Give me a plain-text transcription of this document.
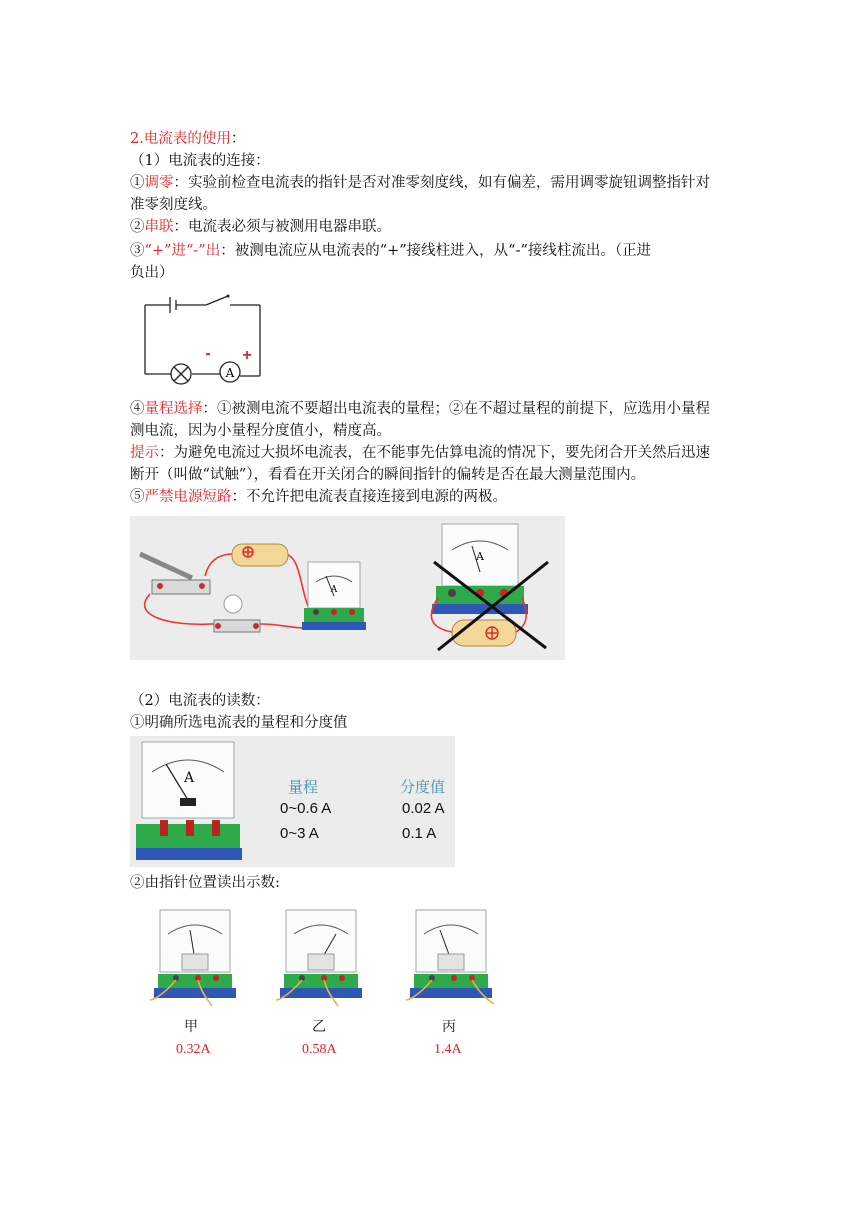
2.电流表的使用：
（1）电流表的连接：
①调零：实验前检查电流表的指针是否对准零刻度线，如有偏差，需用调零旋钮调整指针对
准零刻度线。
②串联：电流表必须与被测用电器串联。
③“+”进“-”出：被测电流应从电流表的“+”接线柱进入，从“-”接线柱流出。（正进
负出）
A
- +
④量程选择：①被测电流不要超出电流表的量程；②在不超过量程的前提下，应选用小量程
测电流，因为小量程分度值小，精度高。
提示：为避免电流过大损坏电流表，在不能事先估算电流的情况下，要先闭合开关然后迅速
断开（叫做“试触”），看看在开关闭合的瞬间指针的偏转是否在最大测量范围内。
⑤严禁电源短路：不允许把电流表直接连接到电源的两极。
A
A
（2）电流表的读数：
①明确所选电流表的量程和分度值
A
量程	分度值
0~0.6 A	0.02 A
0~3 A	0.1 A
②由指针位置读出示数:
甲	乙	丙
0.32A	0.58A	1.4A
